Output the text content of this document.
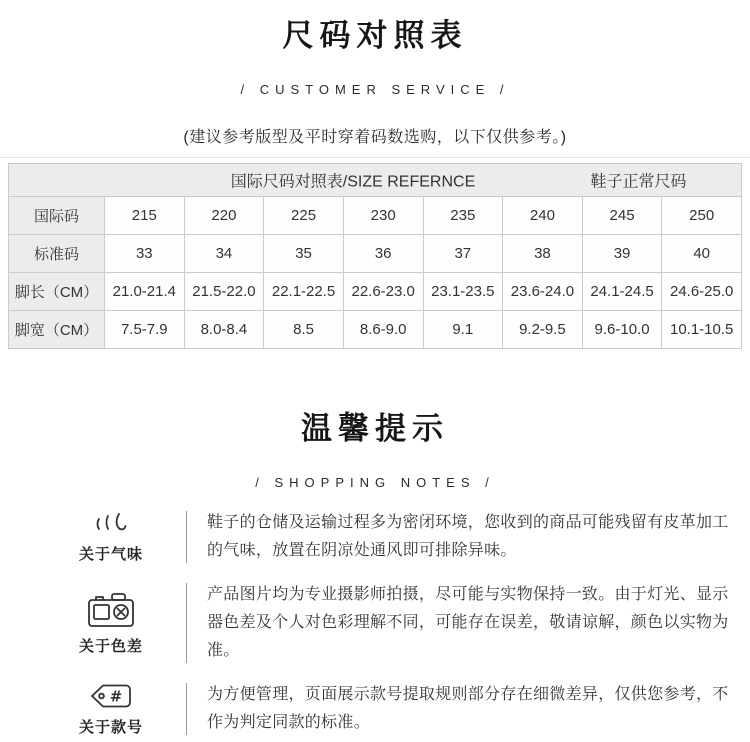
尺码对照表
/ CUSTOMER SERVICE /
(建议参考版型及平时穿着码数选购，以下仅供参考。)
国际尺码对照表/SIZE REFERNCE 鞋子正常尺码								

国际码	215	220	225	230	235	240	245	250
标准码	33	34	35	36	37	38	39	40
脚长（CM）	21.0-21.4	21.5-22.0	22.1-22.5	22.6-23.0	23.1-23.5	23.6-24.0	24.1-24.5	24.6-25.0
脚宽（CM）	7.5-7.9	8.0-8.4	8.5	8.6-9.0	9.1	9.2-9.5	9.6-10.0	10.1-10.5
温馨提示
/ SHOPPING NOTES /
关于气味
鞋子的仓储及运输过程多为密闭环境，您收到的商品可能残留有皮革加工的气味，放置在阴凉处通风即可排除异味。
关于色差
产品图片均为专业摄影师拍摄，尽可能与实物保持一致。由于灯光、显示器色差及个人对色彩理解不同，可能存在误差，敬请谅解，颜色以实物为准。
#
关于款号
为方便管理，页面展示款号提取规则部分存在细微差异，仅供您参考，不作为判定同款的标准。
